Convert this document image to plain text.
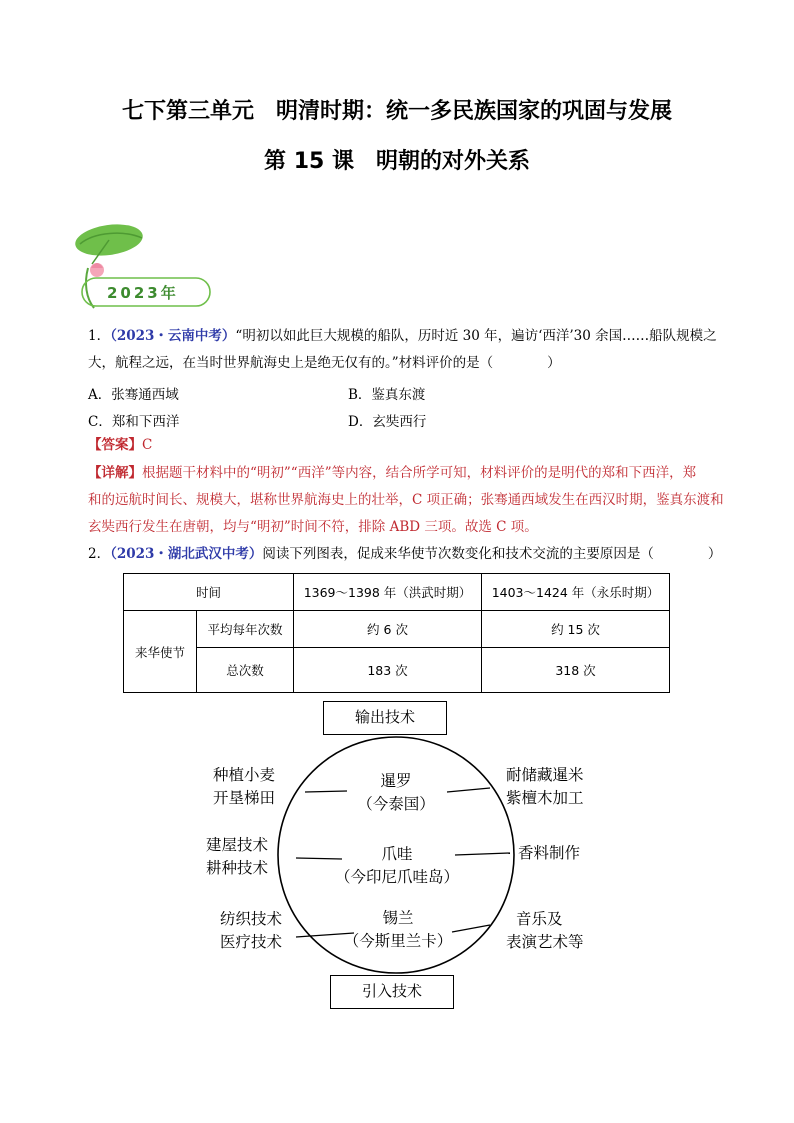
七下第三单元　明清时期：统一多民族国家的巩固与发展
第 15 课　明朝的对外关系
2023年
1．（2023・云南中考）“明初以如此巨大规模的船队，历时近 30 年，遍访‘西洋’30 余国……船队规模之
大，航程之远，在当时世界航海史上是绝无仅有的。”材料评价的是（　　　　）
A．张骞通西域	B．鉴真东渡
C．郑和下西洋	D．玄奘西行
【答案】C
【详解】根据题干材料中的“明初”“西洋”等内容，结合所学可知，材料评价的是明代的郑和下西洋，郑
和的远航时间长、规模大，堪称世界航海史上的壮举，C 项正确；张骞通西域发生在西汉时期，鉴真东渡和
玄奘西行发生在唐朝，均与“明初”时间不符，排除 ABD 三项。故选 C 项。
2．（2023・湖北武汉中考）阅读下列图表，促成来华使节次数变化和技术交流的主要原因是（　　　　）
时间		1369～1398 年（洪武时期）	1403～1424 年（永乐时期）
来华使节	平均每年次数	约 6 次	约 15 次
	总次数	183 次	318 次
输出技术
引入技术
暹罗
（今泰国）
爪哇
（今印尼爪哇岛）
锡兰
（今斯里兰卡）
种植小麦
开垦梯田
建屋技术
耕种技术
纺织技术
医疗技术
耐储藏暹米
紫檀木加工
香料制作
音乐及
表演艺术等
